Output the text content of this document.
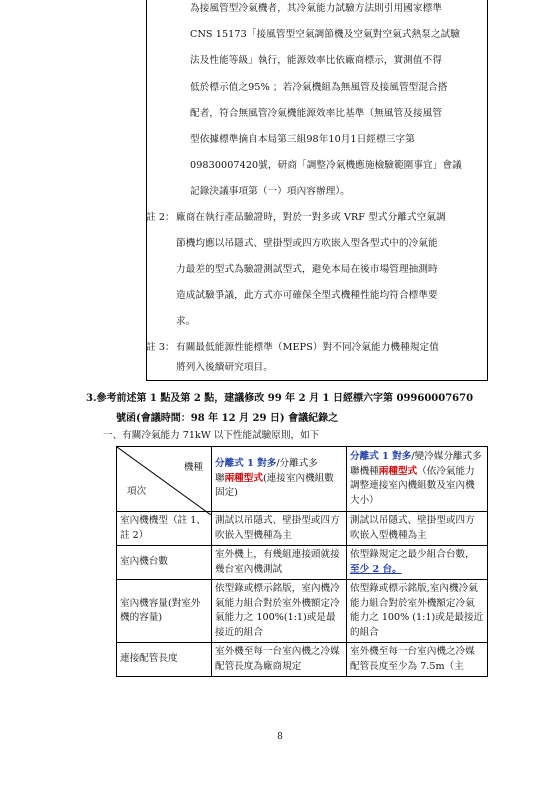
為接風管型冷氣機者，其冷氣能力試驗方法則引用國家標準
CNS 15173「接風管型空氣調節機及空氣對空氣式熱泵之試驗
法及性能等級」執行，能源效率比依廠商標示，實測值不得
低於標示值之95% ；若冷氣機組為無風管及接風管型混合搭
配者，符合無風管冷氣機能源效率比基準（無風管及接風管
型依據標準摘自本局第三組98年10月1日經標三字第
09830007420號，研商「調整冷氣機應施檢驗範圍事宜」會議
記錄決議事項第（一）項內容辦理）。
註 2： 廠商在執行產品驗證時，對於一對多或 VRF 型式分離式空氣調
節機均應以吊隱式、壁掛型或四方吹嵌入型各型式中的冷氣能
力最差的型式為驗證測試型式，避免本局在後市場管理抽測時
造成試驗爭議，此方式亦可確保全型式機種性能均符合標準要
求。
註 3： 有關最低能源性能標準（MEPS）對不同冷氣能力機種規定值
將列入後續研究項目。
3.參考前述第 1 點及第 2 點，建議修改 99 年 2 月 1 日經標六字第 09960007670
號函(會議時間：98 年 12 月 29 日) 會議紀錄之
一、有關冷氣能力 71kW 以下性能試驗原則，如下
機種
項次	分離式 1 對多/分離式多
聯兩種型式(連接室內機組數固定)	分離式 1 對多/變冷媒分離式多聯機種兩種型式（依冷氣能力調整連接室內機組數及室內機大小）
室內機機型（註 1、註 2）	測試以吊隱式、壁掛型或四方吹嵌入型機種為主	測試以吊隱式、壁掛型或四方吹嵌入型機種為主
室內機台數	室外機上，有幾組連接頭就接幾台室內機測試	依型錄規定之最少組合台數，至少 2 台。
室內機容量(對室外機的容量)	依型錄或標示銘版，室內機冷氣能力組合對於室外機額定冷氣能力之 100%(1:1)或是最接近的組合	依型錄或標示銘版,室內機冷氣能力組合對於室外機額定冷氣能力之 100% (1:1)或是最接近的組合
連接配管長度	室外機至每一台室內機之冷媒配管長度為廠商規定	室外機至每一台室內機之冷媒配管長度至少為 7.5m（主
8
